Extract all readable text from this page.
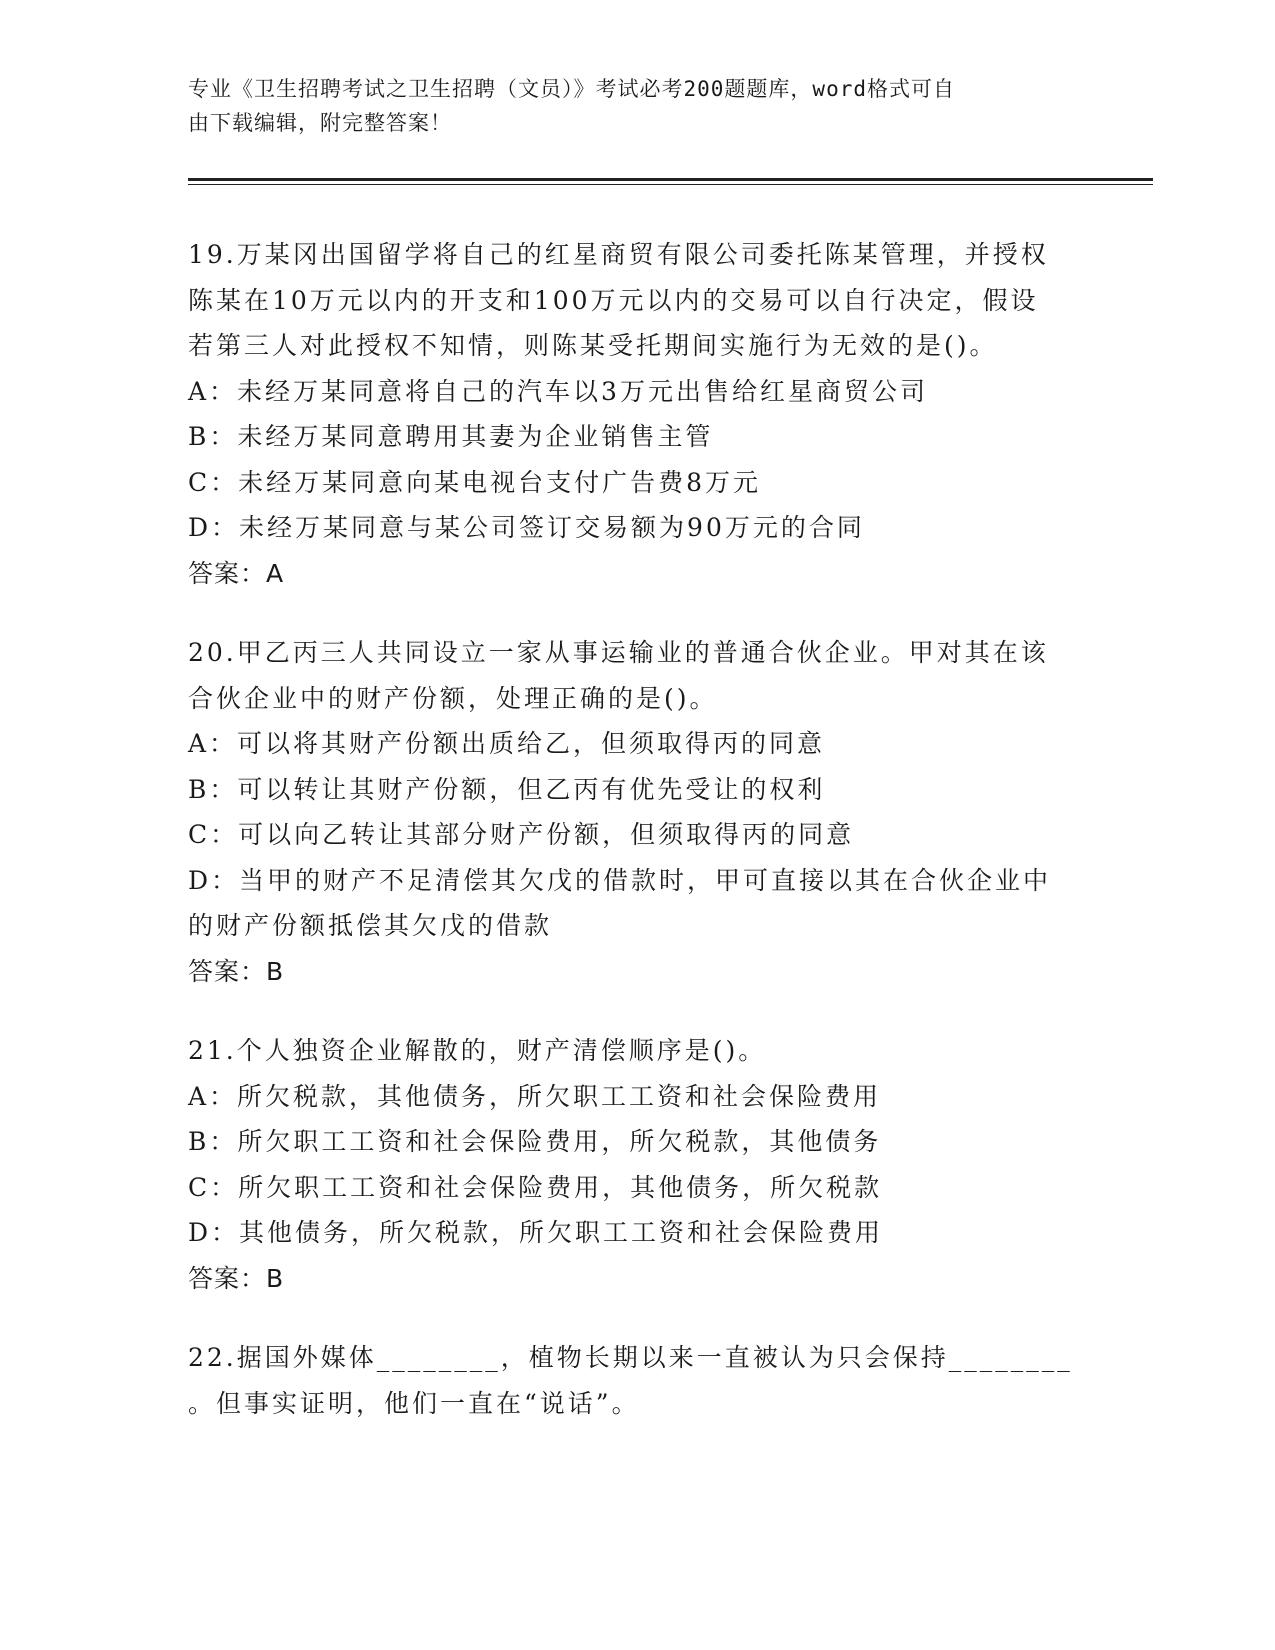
专业《卫生招聘考试之卫生招聘（文员）》考试必考200题题库，word格式可自
由下载编辑，附完整答案！
19.万某冈出国留学将自己的红星商贸有限公司委托陈某管理，并授权
陈某在10万元以内的开支和100万元以内的交易可以自行决定，假设
若第三人对此授权不知情，则陈某受托期间实施行为无效的是()。
A：未经万某同意将自己的汽车以3万元出售给红星商贸公司
B：未经万某同意聘用其妻为企业销售主管
C：未经万某同意向某电视台支付广告费8万元
D：未经万某同意与某公司签订交易额为90万元的合同
答案：A
20.甲乙丙三人共同设立一家从事运输业的普通合伙企业。甲对其在该
合伙企业中的财产份额，处理正确的是()。
A：可以将其财产份额出质给乙，但须取得丙的同意
B：可以转让其财产份额，但乙丙有优先受让的权利
C：可以向乙转让其部分财产份额，但须取得丙的同意
D：当甲的财产不足清偿其欠戊的借款时，甲可直接以其在合伙企业中
的财产份额抵偿其欠戊的借款
答案：B
21.个人独资企业解散的，财产清偿顺序是()。
A：所欠税款，其他债务，所欠职工工资和社会保险费用
B：所欠职工工资和社会保险费用，所欠税款，其他债务
C：所欠职工工资和社会保险费用，其他债务，所欠税款
D：其他债务，所欠税款，所欠职工工资和社会保险费用
答案：B
22.据国外媒体________，植物长期以来一直被认为只会保持________
。但事实证明，他们一直在“说话”。
